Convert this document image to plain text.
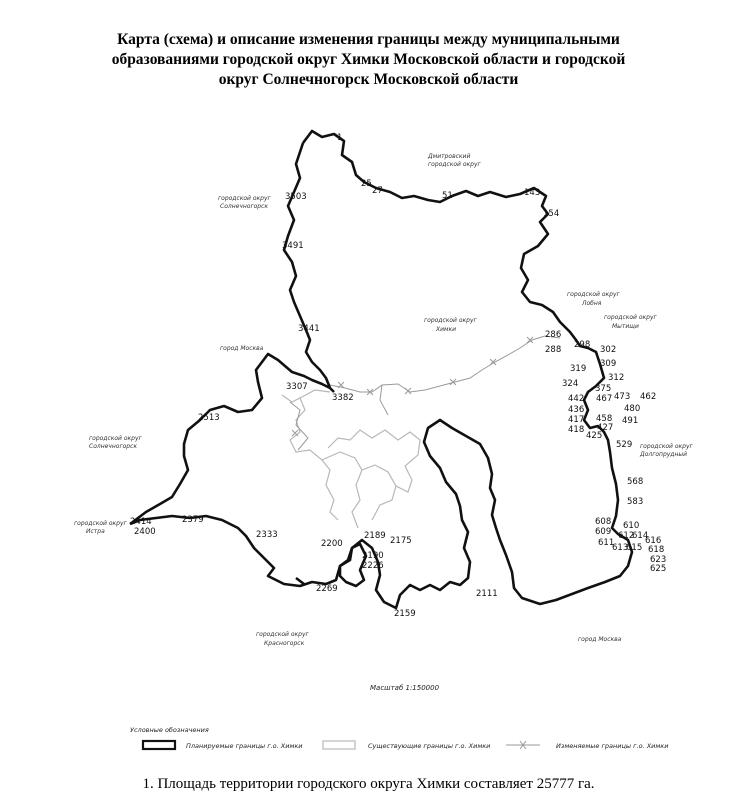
Карта (схема) и описание изменения границы между муниципальными
образованиями городской округ Химки Московской области и городской
округ Солнечногорск Московской области
Дмитровский
городской округ
городской округ
Солнечногорск
городской округ
Лобня
городской округ
Мытищи
городской округ
Химки
город Москва
городской округ
Солнечногорск
городской округ
Истра
городской округ
Долгопрудный
городской округ
Красногорск
город Москва
1
25
27	51	143
154
3503
3491
3441
3307
3382
2513
286
288 298 302
309
319
312
324 375
442 467 473 462
436	480
417 458 491
418 427
425
529
568
583
608
609
610
611
612
614
613
615
616
618
623
625
2414
2400
2379
2333
2200
2189 2175
2190
2226
2269
2159
2111
Масштаб 1:150000
Условные обозначения
Планируемые границы г.о. Химки	Существующие границы г.о. Химки	Изменяемые границы г.о. Химки
1. Площадь территории городского округа Химки составляет 25777 га.
